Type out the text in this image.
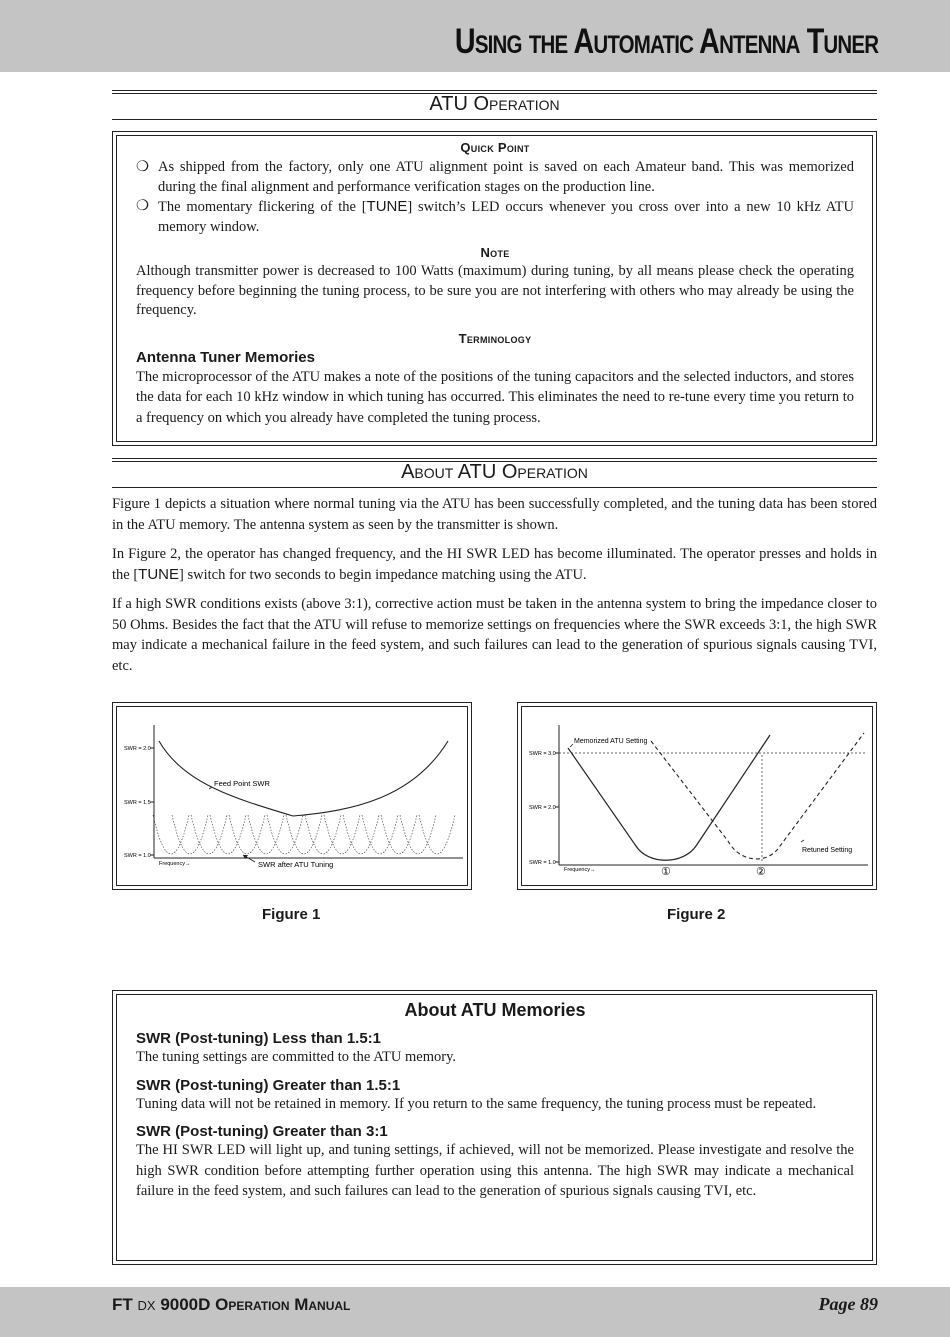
Using the Automatic Antenna Tuner
ATU Operation
Quick Point
❍ As shipped from the factory, only one ATU alignment point is saved on each Amateur band. This was memorized during the final alignment and performance verification stages on the production line.
❍ The momentary flickering of the [TUNE] switch’s LED occurs whenever you cross over into a new 10 kHz ATU memory window.
Note

Although transmitter power is decreased to 100 Watts (maximum) during tuning, by all means please check the operating frequency before beginning the tuning process, to be sure you are not interfering with others who may already be using the frequency.

Terminology
Antenna Tuner Memories

The microprocessor of the ATU makes a note of the positions of the tuning capacitors and the selected inductors, and stores the data for each 10 kHz window in which tuning has occurred. This eliminates the need to re-tune every time you return to a frequency on which you already have completed the tuning process.

About ATU Operation

Figure 1 depicts a situation where normal tuning via the ATU has been successfully completed, and the tuning data has been stored in the ATU memory. The antenna system as seen by the transmitter is shown.

In Figure 2, the operator has changed frequency, and the HI SWR LED has become illuminated. The operator presses and holds in the [TUNE] switch for two seconds to begin impedance matching using the ATU.

If a high SWR conditions exists (above 3:1), corrective action must be taken in the antenna system to bring the impedance closer to 50 Ohms. Besides the fact that the ATU will refuse to memorize settings on frequencies where the SWR exceeds 3:1, the high SWR may indicate a mechanical failure in the feed system, and such failures can lead to the generation of spurious signals causing TVI, etc.

SWR = 2.0
SWR = 1.5
SWR = 1.0
Frequency→
Feed Point SWR
SWR after ATU Tuning
Figure 1
SWR = 3.0
SWR = 2.0
SWR = 1.0
Frequency→
Memorized ATU Setting
Retuned Setting
①	②
Figure 2
About ATU Memories
SWR (Post-tuning) Less than 1.5:1

The tuning settings are committed to the ATU memory.

SWR (Post-tuning) Greater than 1.5:1

Tuning data will not be retained in memory. If you return to the same frequency, the tuning process must be repeated.

SWR (Post-tuning) Greater than 3:1

The HI SWR LED will light up, and tuning settings, if achieved, will not be memorized. Please investigate and resolve the high SWR condition before attempting further operation using this antenna. The high SWR may indicate a mechanical failure in the feed system, and such failures can lead to the generation of spurious signals causing TVI, etc.

FT DX 9000D Operation Manual	Page 89
